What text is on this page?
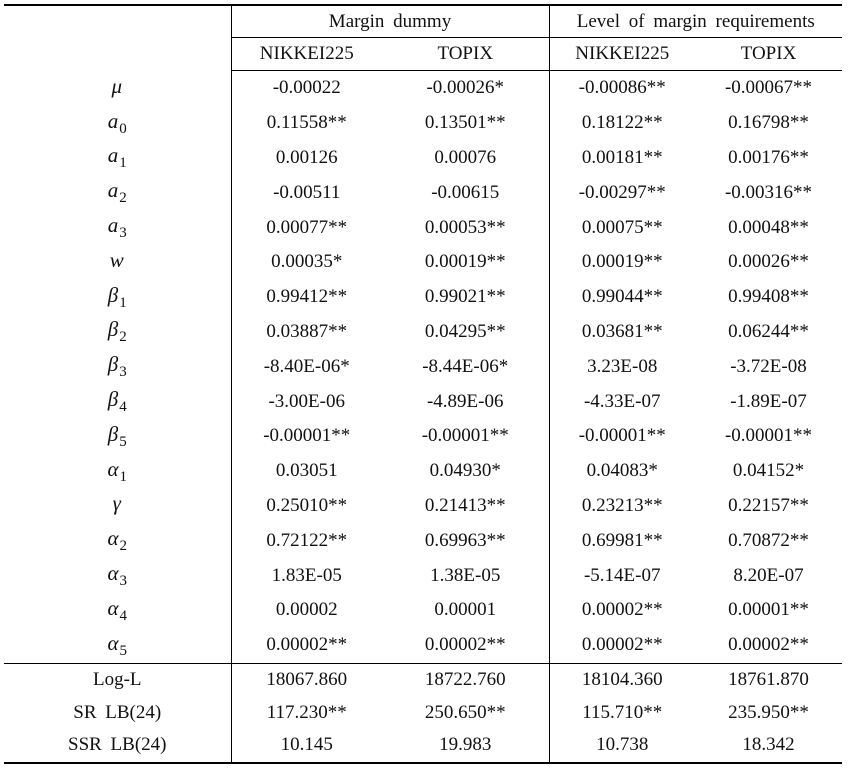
	Margin dummy		Level of margin requirements	
	NIKKEI225	TOPIX	NIKKEI225	TOPIX
μ	-0.00022	-0.00026*	-0.00086**	-0.00067**
$a_0$	0.11558**	0.13501**	0.18122**	0.16798**
$a_1$	0.00126	0.00076	0.00181**	0.00176**
$a_2$	-0.00511	-0.00615	-0.00297**	-0.00316**
$a_3$	0.00077**	0.00053**	0.00075**	0.00048**
w	0.00035*	0.00019**	0.00019**	0.00026**
$\beta_1$	0.99412**	0.99021**	0.99044**	0.99408**
$\beta_2$	0.03887**	0.04295**	0.03681**	0.06244**
$\beta_3$	-8.40E-06*	-8.44E-06*	3.23E-08	-3.72E-08
$\beta_4$	-3.00E-06	-4.89E-06	-4.33E-07	-1.89E-07
$\beta_5$	-0.00001**	-0.00001**	-0.00001**	-0.00001**
$\alpha_1$	0.03051	0.04930*	0.04083*	0.04152*
γ	0.25010**	0.21413**	0.23213**	0.22157**
$\alpha_2$	0.72122**	0.69963**	0.69981**	0.70872**
$\alpha_3$	1.83E-05	1.38E-05	-5.14E-07	8.20E-07
$\alpha_4$	0.00002	0.00001	0.00002**	0.00001**
$\alpha_5$	0.00002**	0.00002**	0.00002**	0.00002**
Log-L	18067.860	18722.760	18104.360	18761.870
SR LB(24)	117.230**	250.650**	115.710**	235.950**
SSR LB(24)	10.145	19.983	10.738	18.342
